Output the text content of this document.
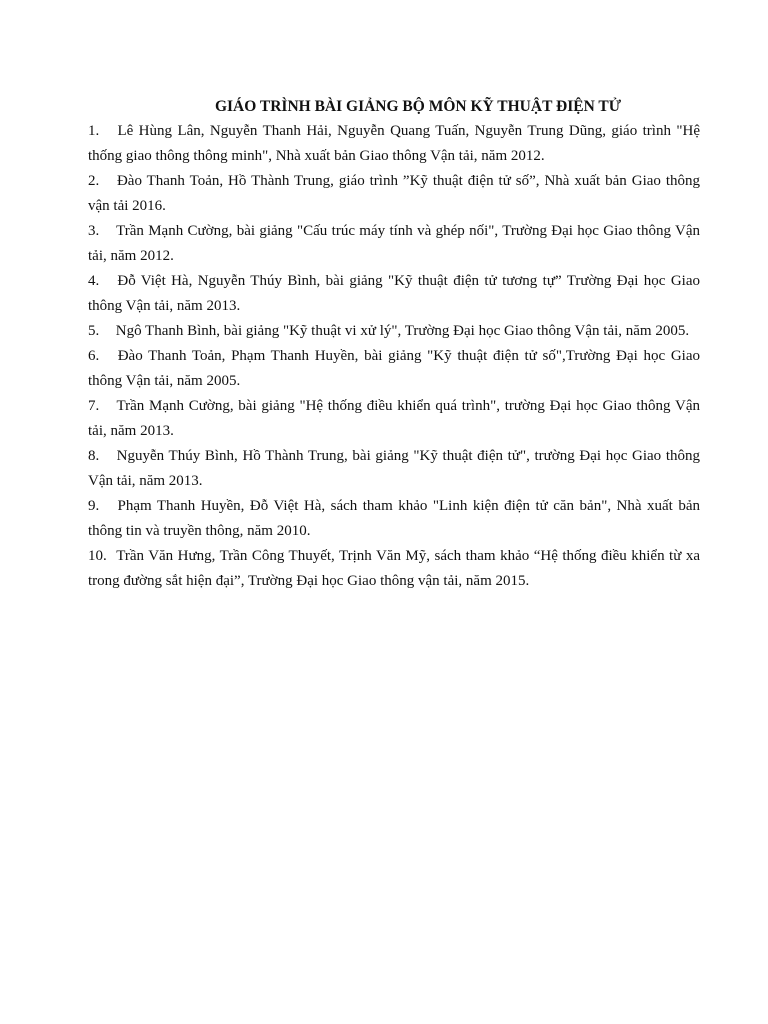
GIÁO TRÌNH BÀI GIẢNG BỘ MÔN KỸ THUẬT ĐIỆN TỬ
1. Lê Hùng Lân, Nguyễn Thanh Hải, Nguyễn Quang Tuấn, Nguyễn Trung Dũng, giáo trình "Hệ thống giao thông thông minh", Nhà xuất bản Giao thông Vận tải, năm 2012.
2. Đào Thanh Toản, Hồ Thành Trung, giáo trình ”Kỹ thuật điện tử số”, Nhà xuất bản Giao thông vận tải 2016.
3. Trần Mạnh Cường, bài giảng "Cấu trúc máy tính và ghép nối", Trường Đại học Giao thông Vận tải, năm 2012.
4. Đỗ Việt Hà, Nguyễn Thúy Bình, bài giảng "Kỹ thuật điện tử tương tự” Trường Đại học Giao thông Vận tải, năm 2013.
5. Ngô Thanh Bình, bài giảng "Kỹ thuật vi xử lý", Trường Đại học Giao thông Vận tải, năm 2005.
6. Đào Thanh Toản, Phạm Thanh Huyền, bài giảng "Kỹ thuật điện tử số",Trường Đại học Giao thông Vận tải, năm 2005.
7. Trần Mạnh Cường, bài giảng "Hệ thống điều khiển quá trình", trường Đại học Giao thông Vận tải, năm 2013.
8. Nguyễn Thúy Bình, Hồ Thành Trung, bài giảng "Kỹ thuật điện tử", trường Đại học Giao thông Vận tải, năm 2013.
9. Phạm Thanh Huyền, Đỗ Việt Hà, sách tham khảo "Linh kiện điện tử căn bản", Nhà xuất bản thông tin và truyền thông, năm 2010.
10. Trần Văn Hưng, Trần Công Thuyết, Trịnh Văn Mỹ, sách tham khảo “Hệ thống điều khiển từ xa trong đường sắt hiện đại”, Trường Đại học Giao thông vận tải, năm 2015.
